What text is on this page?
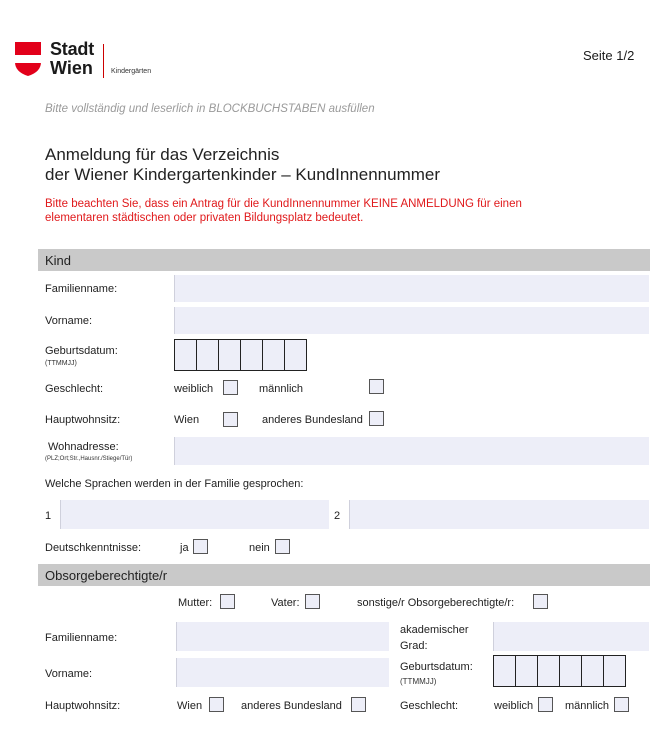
Stadt
Wien	Kindergärten
Seite 1/2
Bitte vollständig und leserlich in BLOCKBUCHSTABEN ausfüllen
Anmeldung für das Verzeichnis
der Wiener Kindergartenkinder – KundInnennummer
Bitte beachten Sie, dass ein Antrag für die KundInnennummer KEINE ANMELDUNG für einen
elementaren städtischen oder privaten Bildungsplatz bedeutet.
Kind
Familienname:
Vorname:
Geburtsdatum:
(TTMMJJ)
Geschlecht:	weiblich	männlich
Hauptwohnsitz:	Wien	anderes Bundesland
Wohnadresse:
(PLZ;Ort;Str.,Hausnr./Stiege/Tür)
Welche Sprachen werden in der Familie gesprochen:
1	2
Deutschkenntnisse:	ja	nein
Obsorgeberechtigte/r
Mutter:	Vater:	sonstige/r Obsorgeberechtigte/r:
Familienname:
akademischer
Grad:
Vorname:
Geburtsdatum:
(TTMMJJ)
Hauptwohnsitz:	Wien	anderes Bundesland	Geschlecht:	weiblich	männlich
